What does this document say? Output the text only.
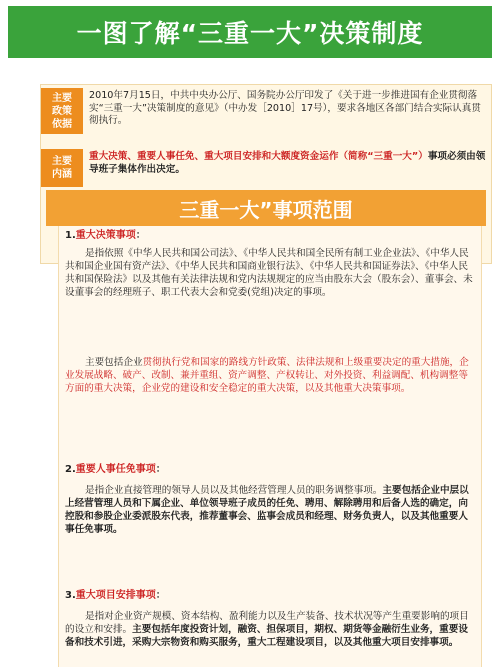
一图了解“三重一大”决策制度
主要
政策
依据
2010年7月15日，中共中央办公厅、国务院办公厅印发了《关于进一步推进国有企业贯彻落实“三重一大”决策制度的意见》（中办发［2010］17号），要求各地区各部门结合实际认真贯彻执行。
主要
内涵
重大决策、重要人事任免、重大项目安排和大额度资金运作（简称“三重一大”）事项必须由领导班子集体作出决定。
三重一大”事项范围
1.重大决策事项：
是指依照《中华人民共和国公司法》、《中华人民共和国全民所有制工业企业法》、《中华人民共和国企业国有资产法》、《中华人民共和国商业银行法》、《中华人民共和国证券法》、《中华人民共和国保险法》以及其他有关法律法规和党内法规规定的应当由股东大会（股东会）、董事会、未设董事会的经理班子、职工代表大会和党委(党组)决定的事项。
主要包括企业贯彻执行党和国家的路线方针政策、法律法规和上级重要决定的重大措施，企业发展战略、破产、改制、兼并重组、资产调整、产权转让、对外投资、利益调配、机构调整等方面的重大决策，企业党的建设和安全稳定的重大决策，以及其他重大决策事项。
2.重要人事任免事项：
是指企业直接管理的领导人员以及其他经营管理人员的职务调整事项。主要包括企业中层以上经营管理人员和下属企业、单位领导班子成员的任免、聘用、解除聘用和后备人选的确定，向控股和参股企业委派股东代表，推荐董事会、监事会成员和经理、财务负责人，以及其他重要人事任免事项。
3.重大项目安排事项：
是指对企业资产规模、资本结构、盈利能力以及生产装备、技术状况等产生重要影响的项目的设立和安排。主要包括年度投资计划，融资、担保项目，期权、期货等金融衍生业务，重要设备和技术引进，采购大宗物资和购买服务，重大工程建设项目，以及其他重大项目安排事项。
